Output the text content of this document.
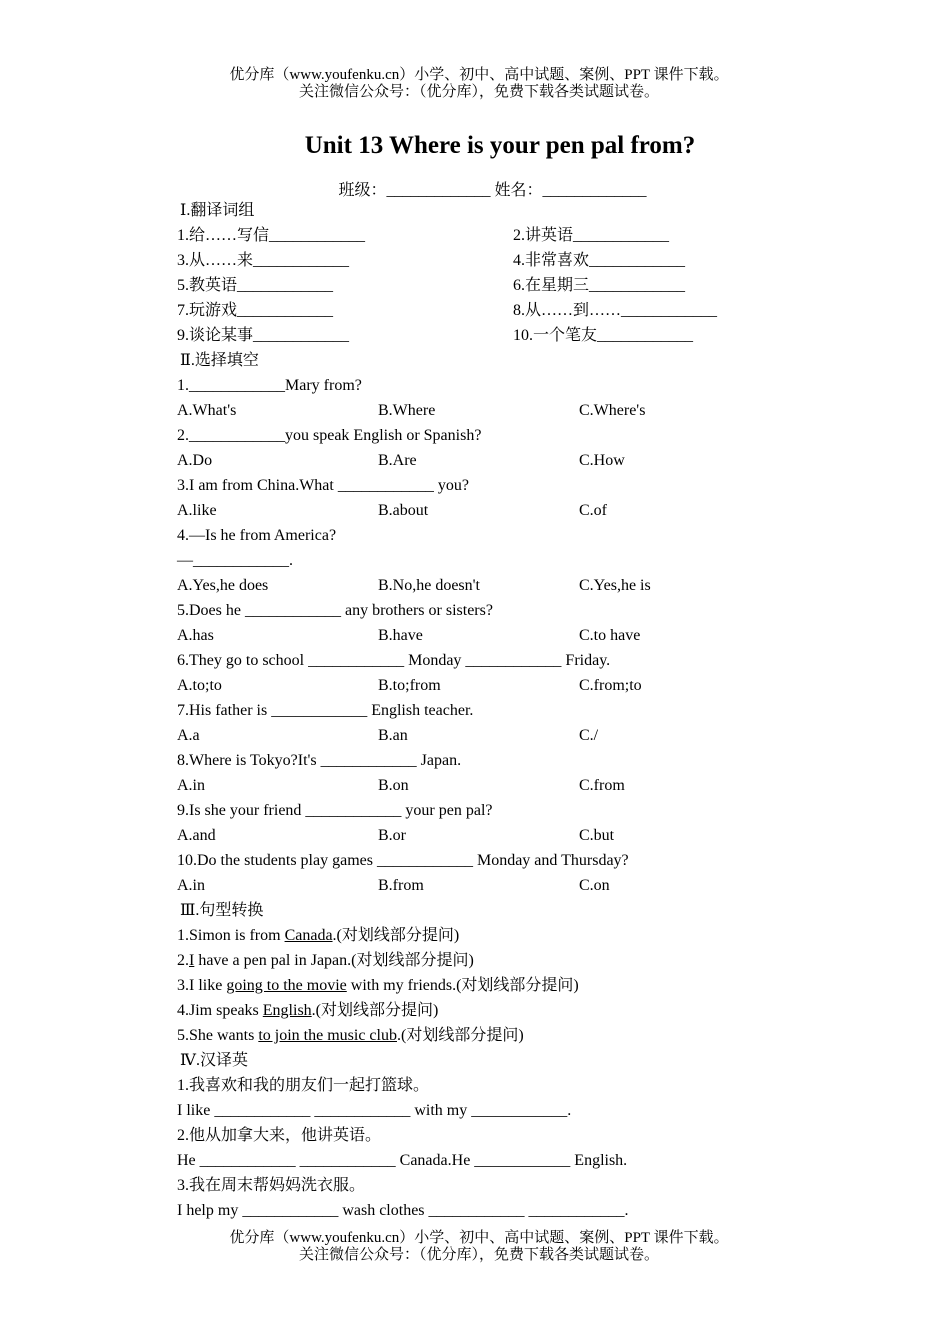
优分库（www.youfenku.cn）小学、初中、高中试题、案例、PPT 课件下载。
关注微信公众号：（优分库），免费下载各类试题试卷。
Unit 13 Where is your pen pal from?
班级：_____________ 姓名：_____________
Ⅰ.翻译词组
1.给……写信____________	2.讲英语____________
3.从……来____________	4.非常喜欢____________
5.教英语____________	6.在星期三____________
7.玩游戏____________	8.从……到……____________
9.谈论某事____________	10.一个笔友____________
Ⅱ.选择填空
1.____________Mary from?
A.What's	B.Where	C.Where's
2.____________you speak English or Spanish?
A.Do	B.Are	C.How
3.I am from China.What ____________ you?
A.like	B.about	C.of
4.—Is he from America?
—____________.
A.Yes,he does	B.No,he doesn't	C.Yes,he is
5.Does he ____________ any brothers or sisters?
A.has	B.have	C.to have
6.They go to school ____________ Monday ____________ Friday.
A.to;to	B.to;from	C.from;to
7.His father is ____________ English teacher.
A.a	B.an	C./
8.Where is Tokyo?It's ____________ Japan.
A.in	B.on	C.from
9.Is she your friend ____________ your pen pal?
A.and	B.or	C.but
10.Do the students play games ____________ Monday and Thursday?
A.in	B.from	C.on
Ⅲ.句型转换
1.Simon is from Canada.(对划线部分提问)
2.I have a pen pal in Japan.(对划线部分提问)
3.I like going to the movie with my friends.(对划线部分提问)
4.Jim speaks English.(对划线部分提问)
5.She wants to join the music club.(对划线部分提问)
Ⅳ.汉译英
1.我喜欢和我的朋友们一起打篮球。
I like ____________ ____________ with my ____________.
2.他从加拿大来，他讲英语。
He ____________ ____________ Canada.He ____________ English.
3.我在周末帮妈妈洗衣服。
I help my ____________ wash clothes ____________ ____________.
优分库（www.youfenku.cn）小学、初中、高中试题、案例、PPT 课件下载。
关注微信公众号：（优分库），免费下载各类试题试卷。
